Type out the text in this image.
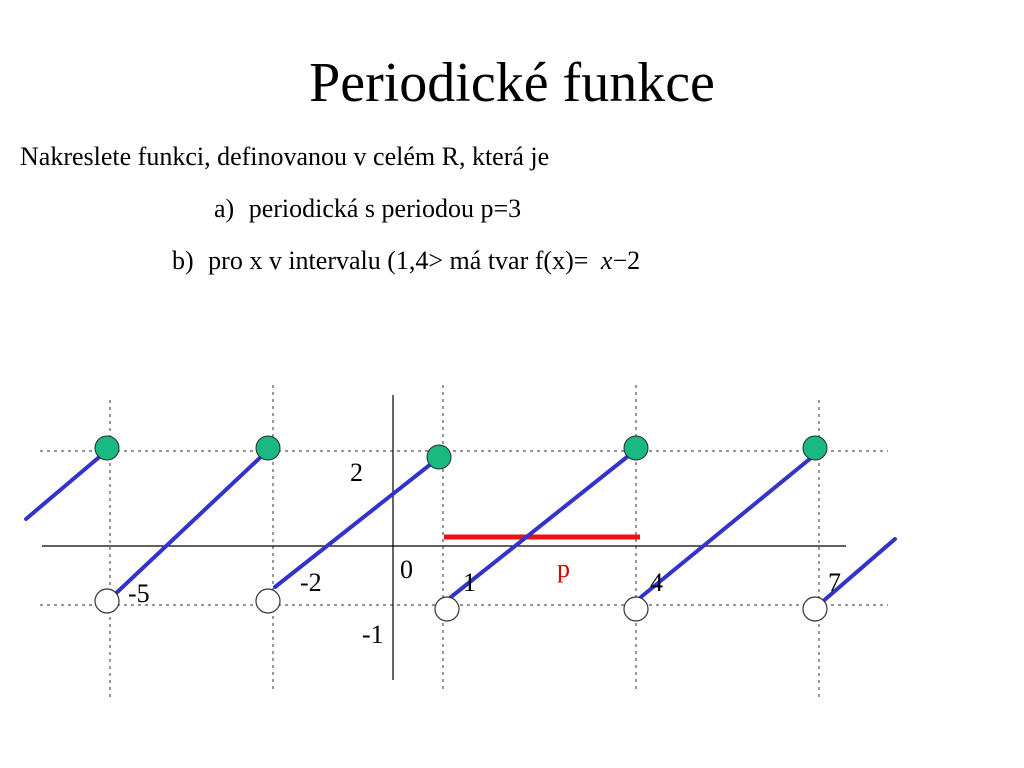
Periodické funkce
Nakreslete funkci, definovanou v celém R, která je
a) periodická s periodou p=3
b) pro x v intervalu (1,4> má tvar f(x)= x−2
-5	-2	0 1	4	7
2
-1
p
